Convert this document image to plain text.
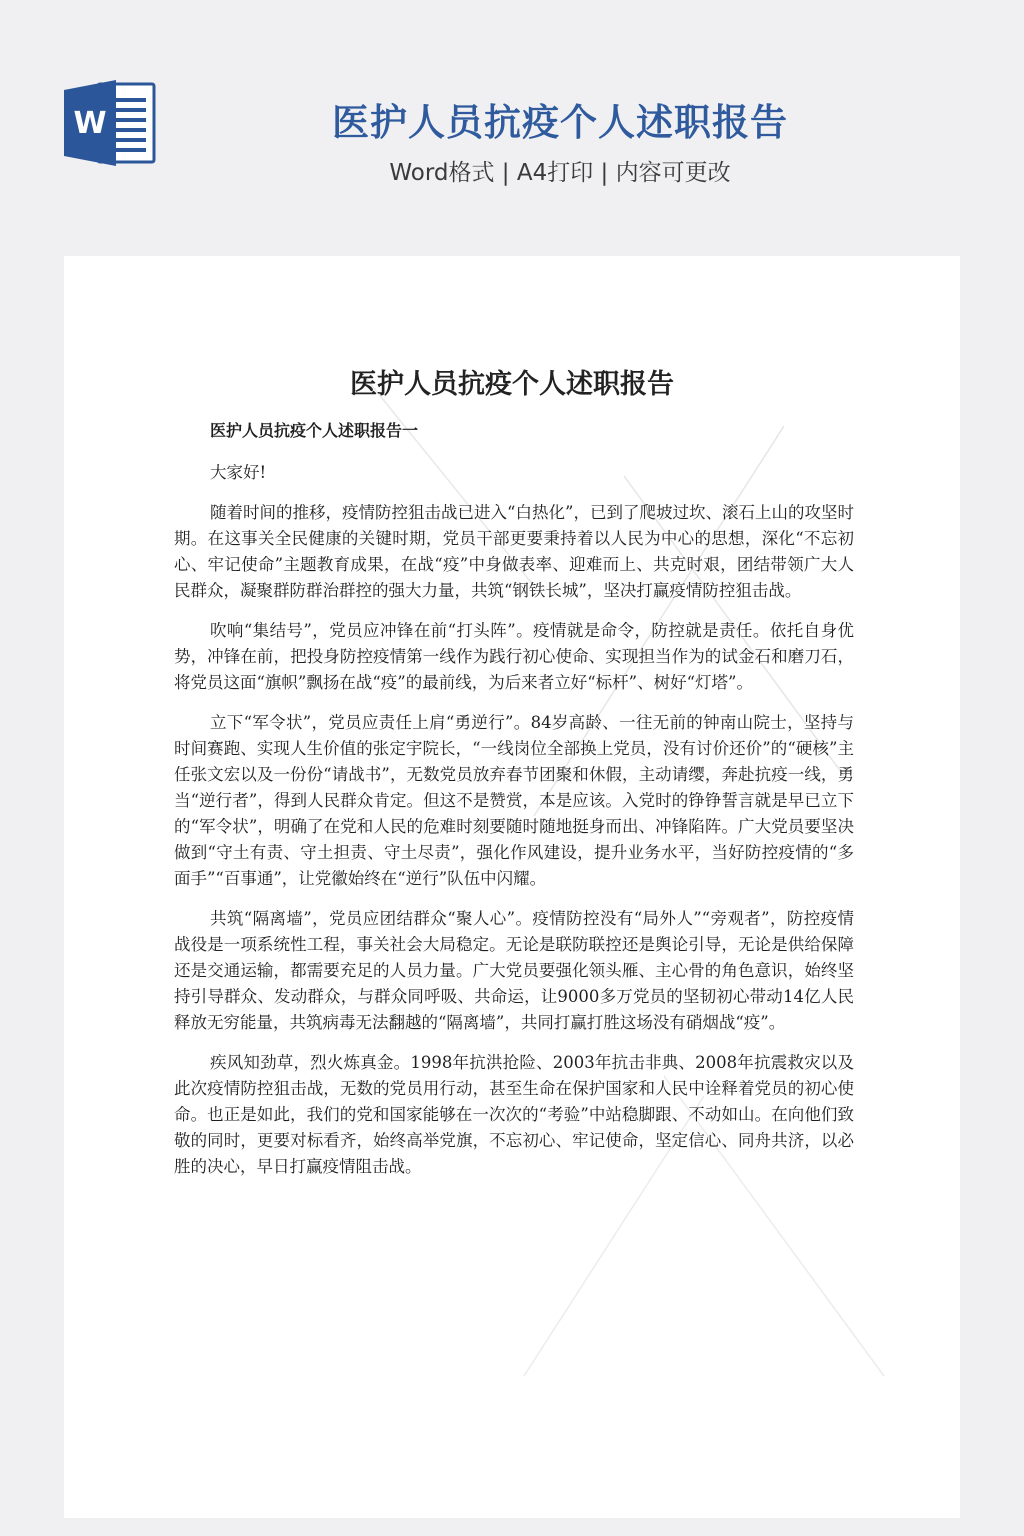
W	医护人员抗疫个人述职报告
Word格式 | A4打印 | 内容可更改
医护人员抗疫个人述职报告
医护人员抗疫个人述职报告一

大家好!

随着时间的推移，疫情防控狙击战已进入“白热化”，已到了爬坡过坎、滚石上山的攻坚时期。在这事关全民健康的关键时期，党员干部更要秉持着以人民为中心的思想，深化“不忘初心、牢记使命”主题教育成果，在战“疫”中身做表率、迎难而上、共克时艰，团结带领广大人民群众，凝聚群防群治群控的强大力量，共筑“钢铁长城”，坚决打赢疫情防控狙击战。

吹响“集结号”，党员应冲锋在前“打头阵”。疫情就是命令，防控就是责任。依托自身优势，冲锋在前，把投身防控疫情第一线作为践行初心使命、实现担当作为的试金石和磨刀石，将党员这面“旗帜”飘扬在战“疫”的最前线，为后来者立好“标杆”、树好“灯塔”。

立下“军令状”，党员应责任上肩“勇逆行”。84岁高龄、一往无前的钟南山院士，坚持与时间赛跑、实现人生价值的张定宇院长，“一线岗位全部换上党员，没有讨价还价”的“硬核”主任张文宏以及一份份“请战书”，无数党员放弃春节团聚和休假，主动请缨，奔赴抗疫一线，勇当“逆行者”，得到人民群众肯定。但这不是赞赏，本是应该。入党时的铮铮誓言就是早已立下的“军令状”，明确了在党和人民的危难时刻要随时随地挺身而出、冲锋陷阵。广大党员要坚决做到“守土有责、守土担责、守土尽责”，强化作风建设，提升业务水平，当好防控疫情的“多面手”“百事通”，让党徽始终在“逆行”队伍中闪耀。

共筑“隔离墙”，党员应团结群众“聚人心”。疫情防控没有“局外人”“旁观者”，防控疫情战役是一项系统性工程，事关社会大局稳定。无论是联防联控还是舆论引导，无论是供给保障还是交通运输，都需要充足的人员力量。广大党员要强化领头雁、主心骨的角色意识，始终坚持引导群众、发动群众，与群众同呼吸、共命运，让9000多万党员的坚韧初心带动14亿人民释放无穷能量，共筑病毒无法翻越的“隔离墙”，共同打赢打胜这场没有硝烟战“疫”。

疾风知劲草，烈火炼真金。1998年抗洪抢险、2003年抗击非典、2008年抗震救灾以及此次疫情防控狙击战，无数的党员用行动，甚至生命在保护国家和人民中诠释着党员的初心使命。也正是如此，我们的党和国家能够在一次次的“考验”中站稳脚跟、不动如山。在向他们致敬的同时，更要对标看齐，始终高举党旗，不忘初心、牢记使命，坚定信心、同舟共济，以必胜的决心，早日打赢疫情阻击战。
